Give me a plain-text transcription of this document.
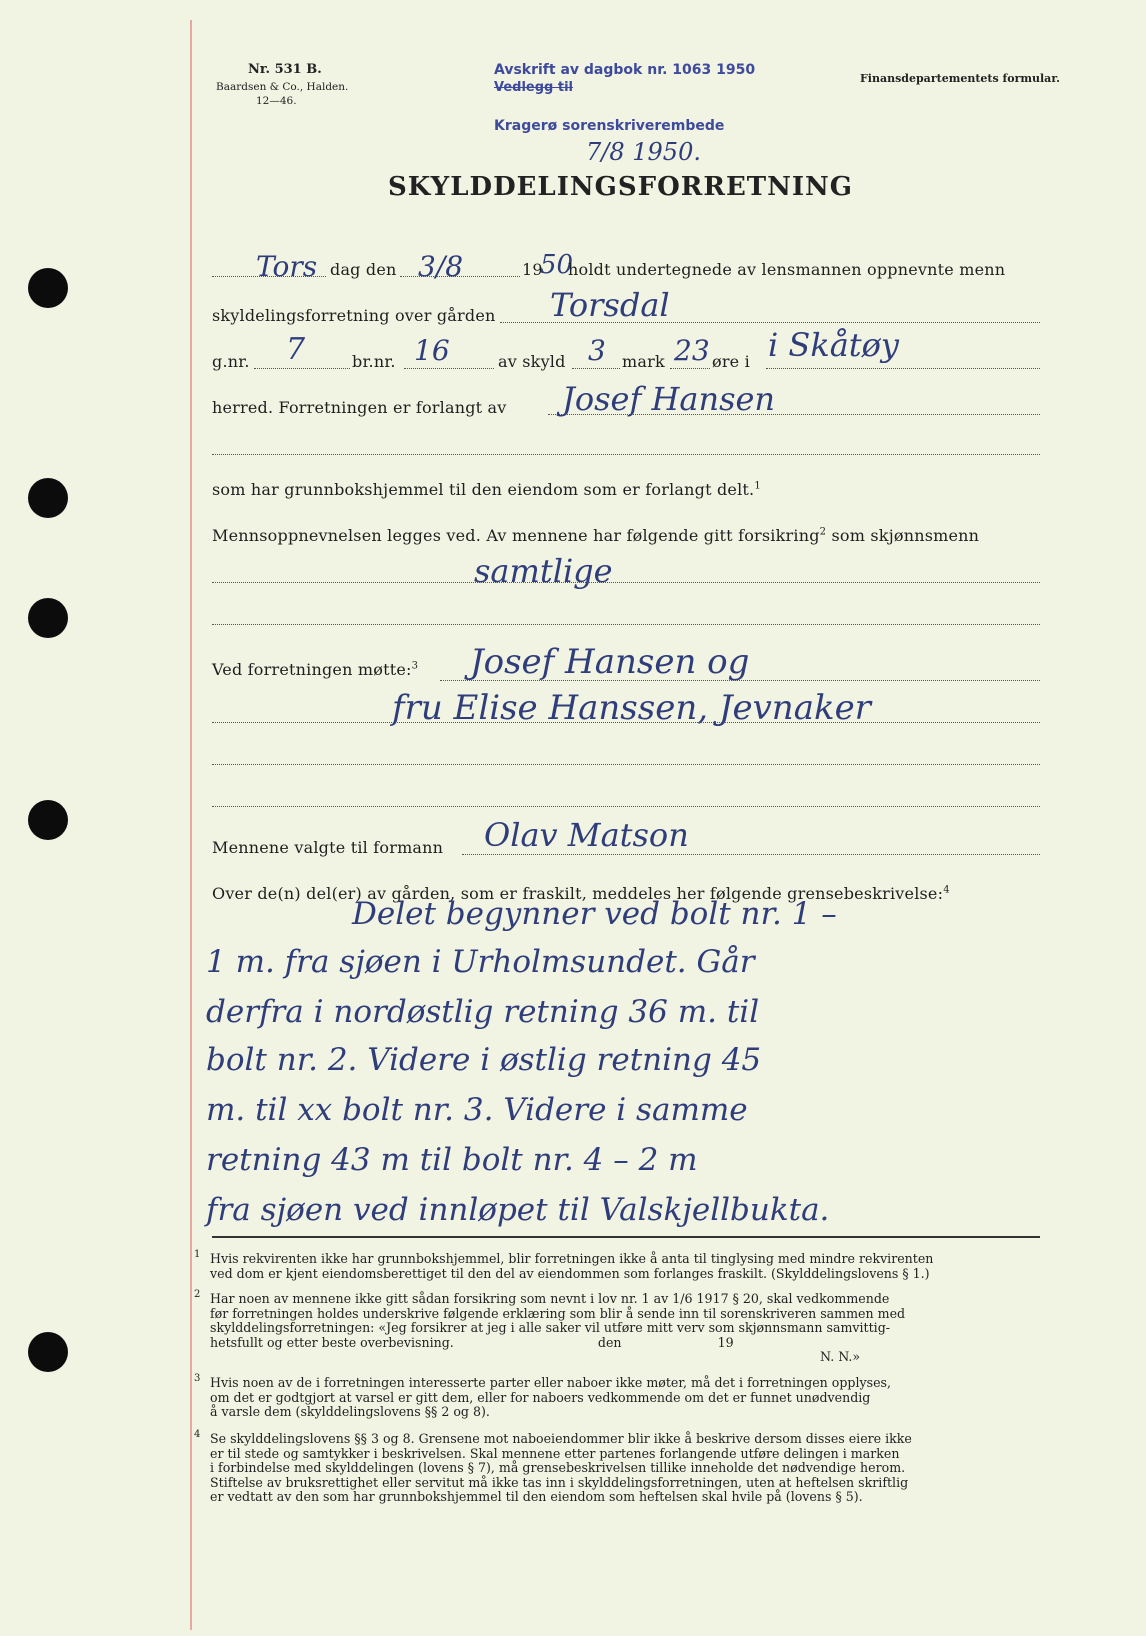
Nr. 531 B.
Baardsen & Co., Halden.
12—46.
Avskrift av dagbok nr. 1063 1950
Vedlegg til
Kragerø sorenskriverembede
7/8 1950.
Finansdepartementets formular.
SKYLDDELINGSFORRETNING
Tors dag den 3/8	19
50
holdt undertegnede av lensmannen oppnevnte menn
skyldelingsforretning over gården Torsdal
g.nr. 7	br.nr. 16	av skyld 3 mark 23 øre i i Skåtøy
herred. Forretningen er forlangt av Josef Hansen
som har grunnbokshjemmel til den eiendom som er forlangt delt.$^1$
Mennsoppnevnelsen legges ved. Av mennene har følgende gitt forsikring$^2$ som skjønnsmenn
samtlige
Ved forretningen møtte:$^3$ Josef Hansen og
fru Elise Hanssen, Jevnaker
Mennene valgte til formann Olav Matson
Over de(n) del(er) av gården, som er fraskilt, meddeles her følgende grensebeskrivelse:$^4$
Delet begynner ved bolt nr. 1 –
1 m. fra sjøen i Urholmsundet. Går
derfra i nordøstlig retning 36 m. til
bolt nr. 2. Videre i østlig retning 45
m. til xx bolt nr. 3. Videre i samme
retning 43 m til bolt nr. 4 – 2 m
fra sjøen ved innløpet til Valskjellbukta.
1 Hvis rekvirenten ikke har grunnbokshjemmel, blir forretningen ikke å anta til tinglysing med mindre rekvirenten
ved dom er kjent eiendomsberettiget til den del av eiendommen som forlanges fraskilt. (Skylddelingslovens § 1.)
2 Har noen av mennene ikke gitt sådan forsikring som nevnt i lov nr. 1 av 1/6 1917 § 20, skal vedkommende
før forretningen holdes underskrive følgende erklæring som blir å sende inn til sorenskriveren sammen med
skylddelingsforretningen: «Jeg forsikrer at jeg i alle saker vil utføre mitt verv som skjønnsmann samvittig-
hetsfullt og etter beste overbevisning.                                    den                        19
N. N.»
3 Hvis noen av de i forretningen interesserte parter eller naboer ikke møter, må det i forretningen opplyses,
om det er godtgjort at varsel er gitt dem, eller for naboers vedkommende om det er funnet unødvendig
å varsle dem (skylddelingslovens §§ 2 og 8).
4 Se skylddelingslovens §§ 3 og 8. Grensene mot naboeiendommer blir ikke å beskrive dersom disses eiere ikke
er til stede og samtykker i beskrivelsen. Skal mennene etter partenes forlangende utføre delingen i marken
i forbindelse med skylddelingen (lovens § 7), må grensebeskrivelsen tillike inneholde det nødvendige herom.
Stiftelse av bruksrettighet eller servitut må ikke tas inn i skylddelingsforretningen, uten at heftelsen skriftlig
er vedtatt av den som har grunnbokshjemmel til den eiendom som heftelsen skal hvile på (lovens § 5).
